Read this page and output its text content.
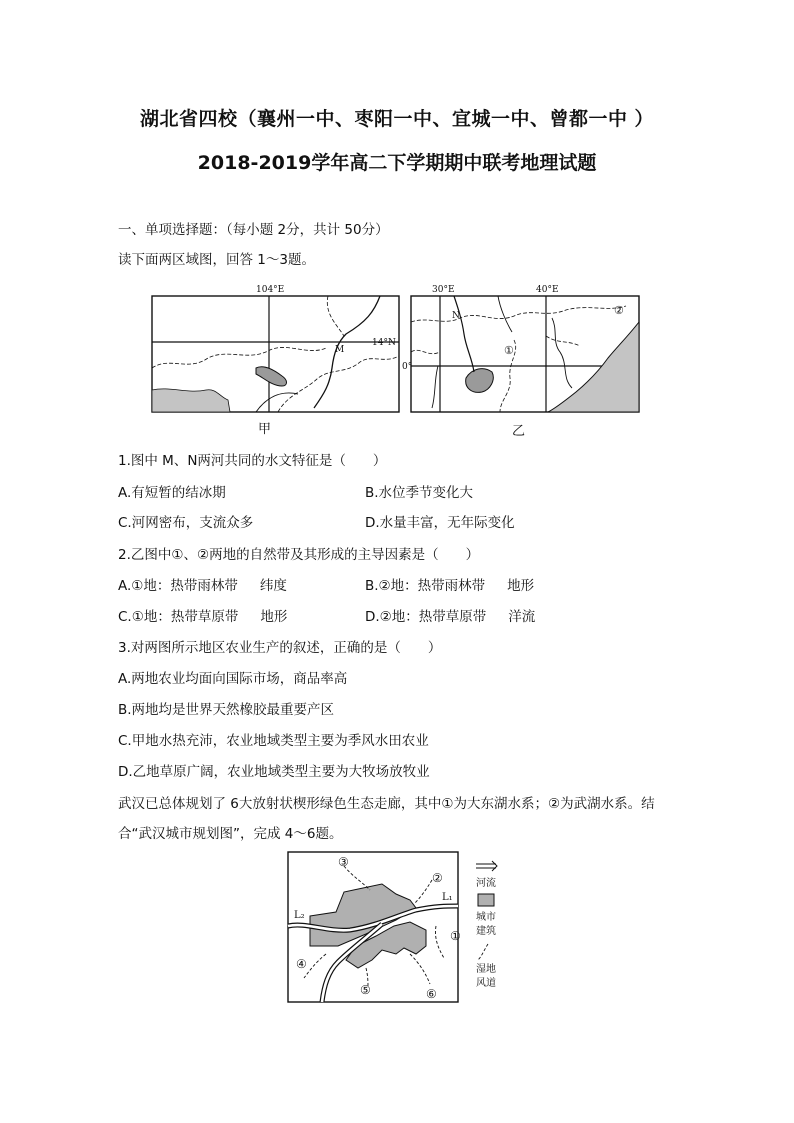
湖北省四校（襄州一中、枣阳一中、宜城一中、曾都一中 ）
2018-2019学年高二下学期期中联考地理试题
一、单项选择题：（每小题 2分，共计 50分）
读下面两区域图，回答 1～3题。
104°E
14°N
M
30°E	40°E
0°
N
①
②
甲	乙
1.图中 M、N两河共同的水文特征是（　　）
A.有短暂的结冰期	B.水位季节变化大
C.河网密布，支流众多	D.水量丰富，无年际变化
2.乙图中①、②两地的自然带及其形成的主导因素是（　　）
A.①地：热带雨林带 纬度	B.②地：热带雨林带 地形
C.①地：热带草原带 地形	D.②地：热带草原带 洋流
3.对两图所示地区农业生产的叙述，正确的是（　　）
A.两地农业均面向国际市场，商品率高
B.两地均是世界天然橡胶最重要产区
C.甲地水热充沛，农业地域类型主要为季风水田农业
D.乙地草原广阔，农业地域类型主要为大牧场放牧业
武汉已总体规划了 6大放射状楔形绿色生态走廊，其中①为大东湖水系；②为武湖水系。结
合“武汉城市规划图”，完成 4～6题。
③
②
①
④
⑤	⑥
L₁
L₂
河流
城市
建筑
湿地
风道
